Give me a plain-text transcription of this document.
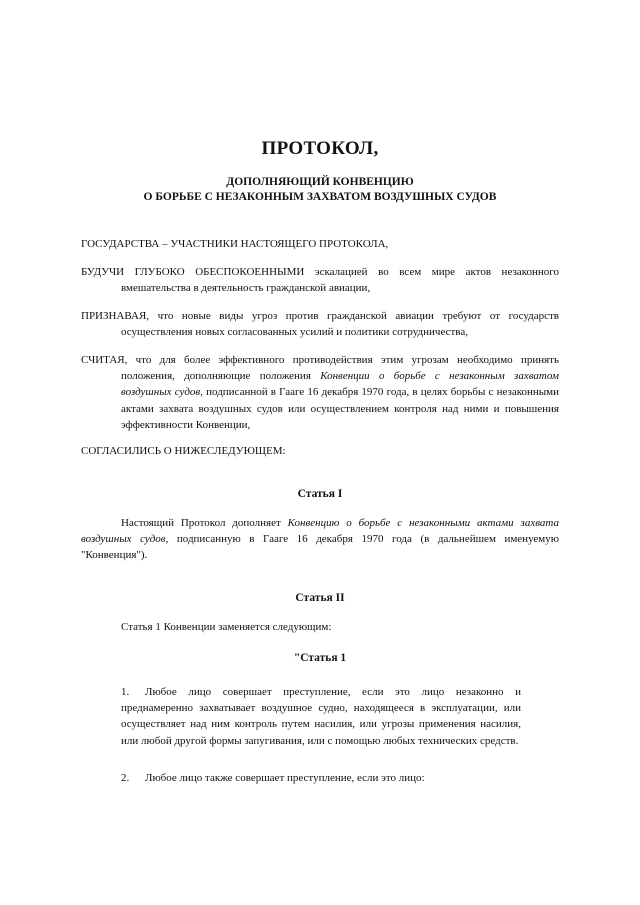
ПРОТОКОЛ,

ДОПОЛНЯЮЩИЙ КОНВЕНЦИЮ

О БОРЬБЕ С НЕЗАКОННЫМ ЗАХВАТОМ ВОЗДУШНЫХ СУДОВ

ГОСУДАРСТВА – УЧАСТНИКИ НАСТОЯЩЕГО ПРОТОКОЛА,

БУДУЧИ ГЛУБОКО ОБЕСПОКОЕННЫМИ эскалацией во всем мире актов незаконного вмешательства в деятельность гражданской авиации,

ПРИЗНАВАЯ, что новые виды угроз против гражданской авиации требуют от государств осуществления новых согласованных усилий и политики сотрудничества,

СЧИТАЯ, что для более эффективного противодействия этим угрозам необходимо принять положения, дополняющие положения Конвенции о борьбе с незаконным захватом воздушных судов, подписанной в Гааге 16 декабря 1970 года, в целях борьбы с незаконными актами захвата воздушных судов или осуществлением контроля над ними и повышения эффективности Конвенции,

СОГЛАСИЛИСЬ О НИЖЕСЛЕДУЮЩЕМ:

Статья I

Настоящий Протокол дополняет Конвенцию о борьбе с незаконными актами захвата воздушных судов, подписанную в Гааге 16 декабря 1970 года (в дальнейшем именуемую "Конвенция").

Статья II

Статья 1 Конвенции заменяется следующим:

"Статья 1

1. Любое лицо совершает преступление, если это лицо незаконно и преднамеренно захватывает воздушное судно, находящееся в эксплуатации, или осуществляет над ним контроль путем насилия, или угрозы применения насилия, или любой другой формы запугивания, или с помощью любых технических средств.

2. Любое лицо также совершает преступление, если это лицо:
